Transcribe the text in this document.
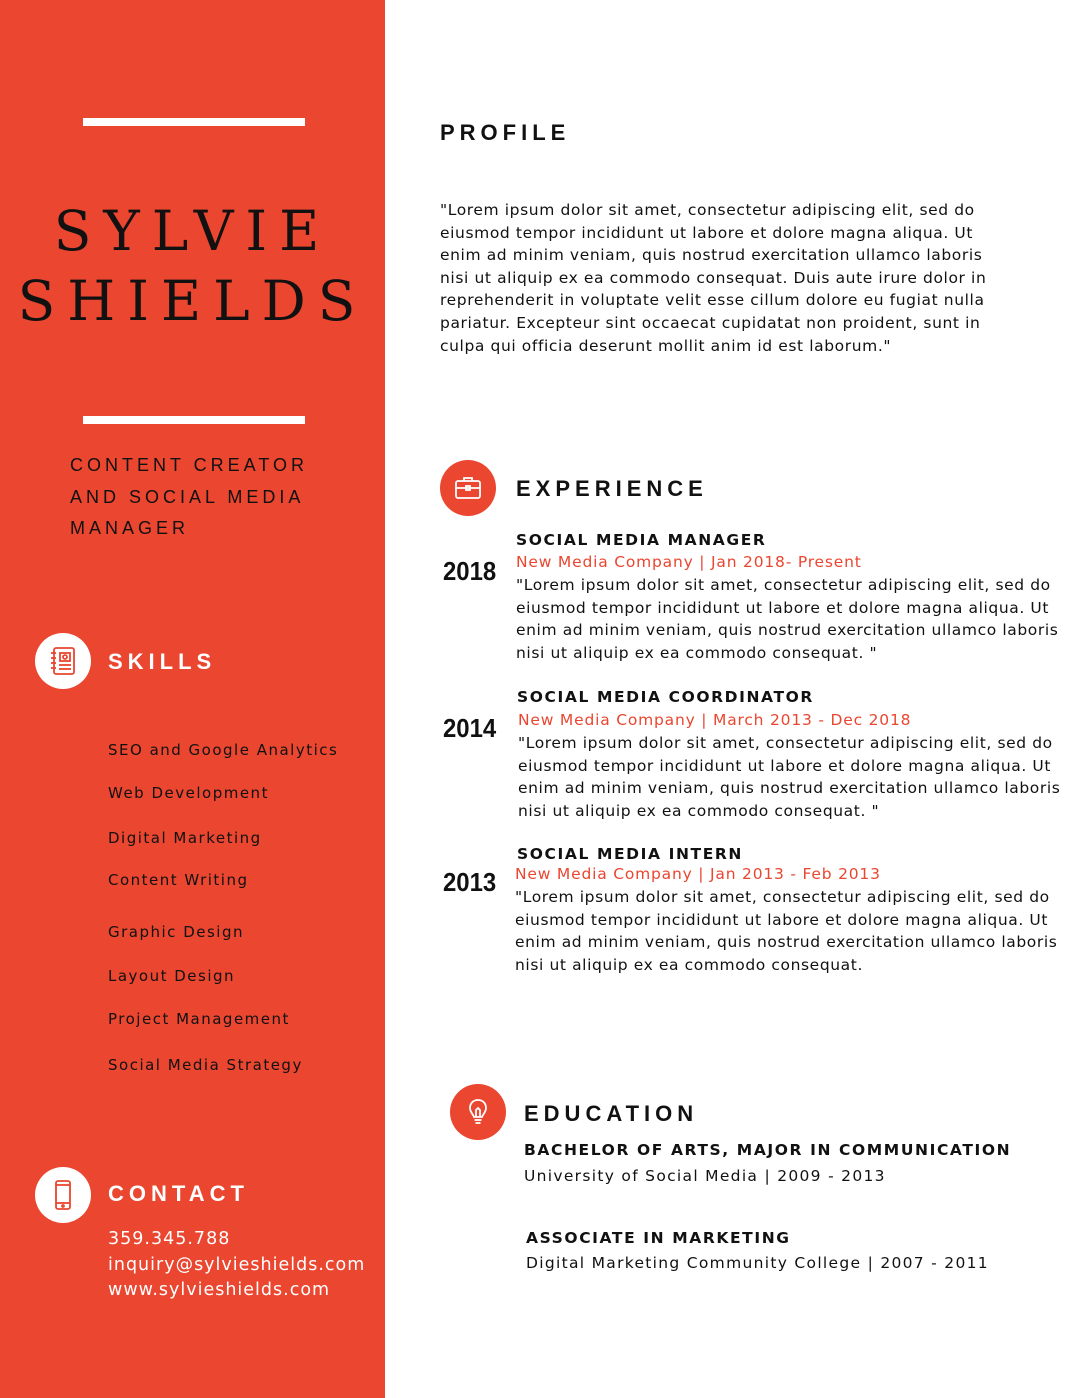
SYLVIE
SHIELDS
CONTENT CREATOR
AND SOCIAL MEDIA
MANAGER
SKILLS
SEO and Google Analytics
Web Development
Digital Marketing
Content Writing
Graphic Design
Layout Design
Project Management
Social Media Strategy
CONTACT
359.345.788
inquiry@sylvieshields.com
www.sylvieshields.com
PROFILE
"Lorem ipsum dolor sit amet, consectetur adipiscing elit, sed do eiusmod tempor incididunt ut labore et dolore magna aliqua. Ut enim ad minim veniam, quis nostrud exercitation ullamco laboris nisi ut aliquip ex ea commodo consequat. Duis aute irure dolor in reprehenderit in voluptate velit esse cillum dolore eu fugiat nulla pariatur. Excepteur sint occaecat cupidatat non proident, sunt in culpa qui officia deserunt mollit anim id est laborum."
EXPERIENCE
2018
SOCIAL MEDIA MANAGER
New Media Company | Jan 2018- Present
"Lorem ipsum dolor sit amet, consectetur adipiscing elit, sed do eiusmod tempor incididunt ut labore et dolore magna aliqua. Ut enim ad minim veniam, quis nostrud exercitation ullamco laboris nisi ut aliquip ex ea commodo consequat. "
2014
SOCIAL MEDIA COORDINATOR
New Media Company | March 2013 - Dec 2018
"Lorem ipsum dolor sit amet, consectetur adipiscing elit, sed do eiusmod tempor incididunt ut labore et dolore magna aliqua. Ut enim ad minim veniam, quis nostrud exercitation ullamco laboris nisi ut aliquip ex ea commodo consequat. "
2013
SOCIAL MEDIA INTERN
New Media Company | Jan 2013 - Feb 2013
"Lorem ipsum dolor sit amet, consectetur adipiscing elit, sed do eiusmod tempor incididunt ut labore et dolore magna aliqua. Ut enim ad minim veniam, quis nostrud exercitation ullamco laboris nisi ut aliquip ex ea commodo consequat.
EDUCATION
BACHELOR OF ARTS, MAJOR IN COMMUNICATION
University of Social Media | 2009 - 2013
ASSOCIATE IN MARKETING
Digital Marketing Community College | 2007 - 2011
